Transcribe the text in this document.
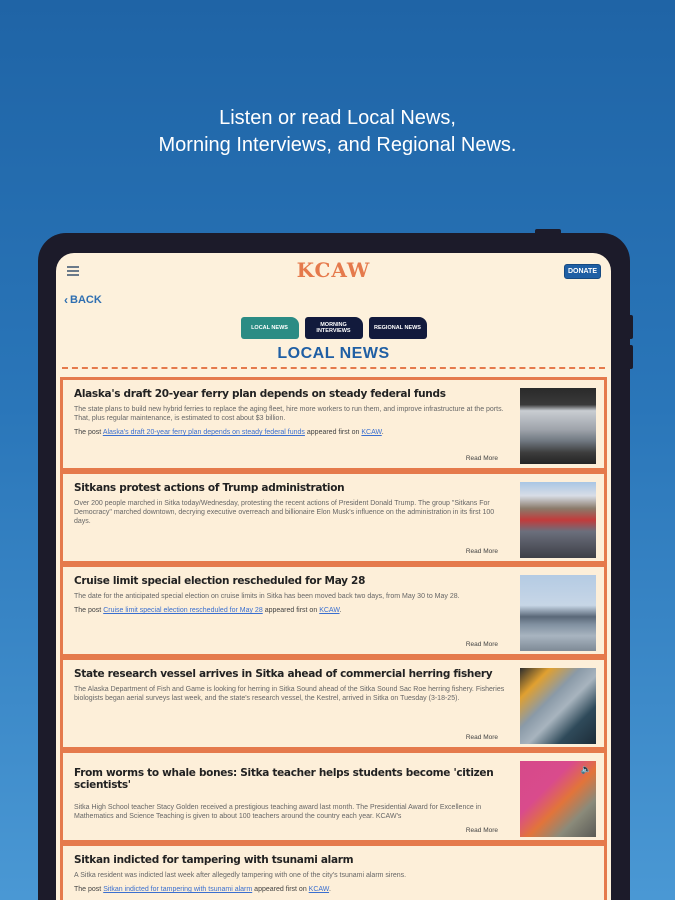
Listen or read Local News,
Morning Interviews, and Regional News.
KCAW	DONATE
‹ BACK
LOCAL NEWS	MORNING INTERVIEWS	REGIONAL NEWS
LOCAL NEWS
Alaska's draft 20-year ferry plan depends on steady federal funds
The state plans to build new hybrid ferries to replace the aging fleet, hire more workers to run them, and improve infrastructure at the ports. That, plus regular maintenance, is estimated to cost about $3 billion.
The post Alaska's draft 20-year ferry plan depends on steady federal funds appeared first on KCAW.
Read More
Sitkans protest actions of Trump administration
Over 200 people marched in Sitka today/Wednesday, protesting the recent actions of President Donald Trump. The group "Sitkans For Democracy" marched downtown, decrying executive overreach and billionaire Elon Musk's influence on the administration in its first 100 days.
Read More
Cruise limit special election rescheduled for May 28
The date for the anticipated special election on cruise limits in Sitka has been moved back two days, from May 30 to May 28.
The post Cruise limit special election rescheduled for May 28 appeared first on KCAW.
Read More
State research vessel arrives in Sitka ahead of commercial herring fishery
The Alaska Department of Fish and Game is looking for herring in Sitka Sound ahead of the Sitka Sound Sac Roe herring fishery. Fisheries biologists began aerial surveys last week, and the state's research vessel, the Kestrel, arrived in Sitka on Tuesday (3-18-25).
Read More
From worms to whale bones: Sitka teacher helps students become 'citizen scientists'
Sitka High School teacher Stacy Golden received a prestigious teaching award last month. The Presidential Award for Excellence in Mathematics and Science Teaching is given to about 100 teachers around the country each year. KCAW's
Read More
🔈
Sitkan indicted for tampering with tsunami alarm
A Sitka resident was indicted last week after allegedly tampering with one of the city's tsunami alarm sirens.
The post Sitkan indicted for tampering with tsunami alarm appeared first on KCAW.
